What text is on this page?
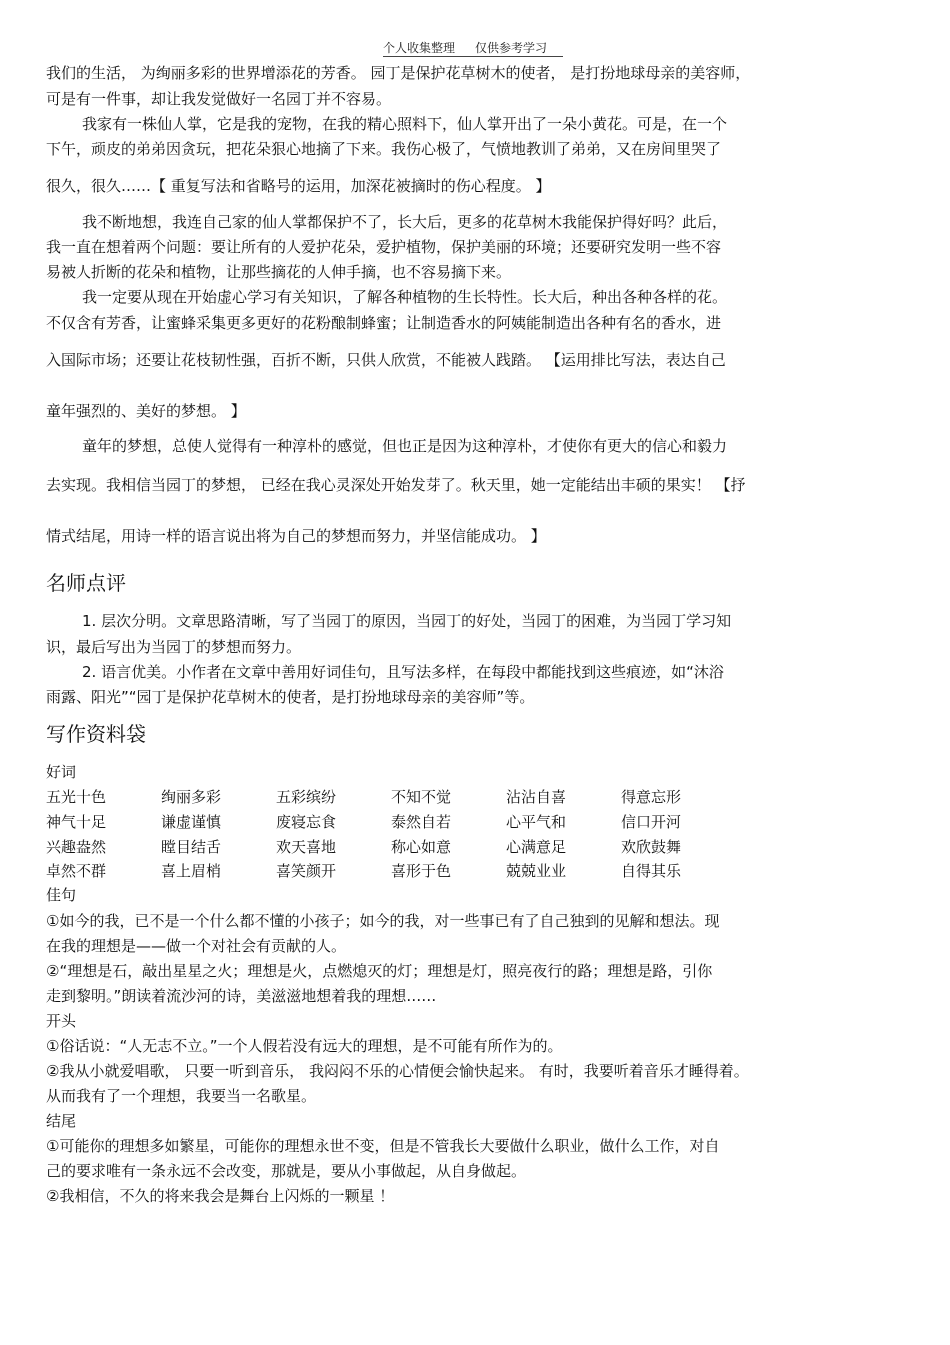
个人收集整理 仅供参考学习
我们的生活， 为绚丽多彩的世界增添花的芳香。 园丁是保护花草树木的使者， 是打扮地球母亲的美容师，
可是有一件事，却让我发觉做好一名园丁并不容易。
我家有一株仙人掌，它是我的宠物，在我的精心照料下，仙人掌开出了一朵小黄花。可是，在一个
下午，顽皮的弟弟因贪玩，把花朵狠心地摘了下来。我伤心极了，气愤地教训了弟弟，又在房间里哭了
很久，很久……【 重复写法和省略号的运用，加深花被摘时的伤心程度。 】
我不断地想，我连自己家的仙人掌都保护不了，长大后，更多的花草树木我能保护得好吗？此后，
我一直在想着两个问题：要让所有的人爱护花朵，爱护植物，保护美丽的环境；还要研究发明一些不容
易被人折断的花朵和植物，让那些摘花的人伸手摘，也不容易摘下来。
我一定要从现在开始虚心学习有关知识，了解各种植物的生长特性。长大后，种出各种各样的花。
不仅含有芳香，让蜜蜂采集更多更好的花粉酿制蜂蜜；让制造香水的阿姨能制造出各种有名的香水，进
入国际市场；还要让花枝韧性强，百折不断，只供人欣赏，不能被人践踏。 【运用排比写法，表达自己
童年强烈的、美好的梦想。 】
童年的梦想，总使人觉得有一种淳朴的感觉，但也正是因为这种淳朴，才使你有更大的信心和毅力
去实现。我相信当园丁的梦想， 已经在我心灵深处开始发芽了。秋天里，她一定能结出丰硕的果实！ 【抒
情式结尾，用诗一样的语言说出将为自己的梦想而努力，并坚信能成功。 】
名师点评
1. 层次分明。文章思路清晰，写了当园丁的原因，当园丁的好处，当园丁的困难，为当园丁学习知
识，最后写出为当园丁的梦想而努力。
2. 语言优美。小作者在文章中善用好词佳句，且写法多样，在每段中都能找到这些痕迹，如“沐浴
雨露、阳光”“园丁是保护花草树木的使者，是打扮地球母亲的美容师”等。
写作资料袋
好词
五光十色	绚丽多彩	五彩缤纷	不知不觉	沾沾自喜	得意忘形
神气十足	谦虚谨慎	废寝忘食	泰然自若	心平气和	信口开河
兴趣盎然	瞠目结舌	欢天喜地	称心如意	心满意足	欢欣鼓舞
卓然不群	喜上眉梢	喜笑颜开	喜形于色	兢兢业业	自得其乐
佳句
①如今的我，已不是一个什么都不懂的小孩子；如今的我，对一些事已有了自己独到的见解和想法。现
在我的理想是——做一个对社会有贡献的人。
②“理想是石，敲出星星之火；理想是火，点燃熄灭的灯；理想是灯，照亮夜行的路；理想是路，引你
走到黎明。”朗读着流沙河的诗，美滋滋地想着我的理想……
开头
①俗话说：“人无志不立。”一个人假若没有远大的理想，是不可能有所作为的。
②我从小就爱唱歌， 只要一听到音乐， 我闷闷不乐的心情便会愉快起来。 有时，我要听着音乐才睡得着。
从而我有了一个理想，我要当一名歌星。
结尾
①可能你的理想多如繁星，可能你的理想永世不变，但是不管我长大要做什么职业，做什么工作，对自
己的要求唯有一条永远不会改变，那就是，要从小事做起，从自身做起。
②我相信，不久的将来我会是舞台上闪烁的一颗星 ！
